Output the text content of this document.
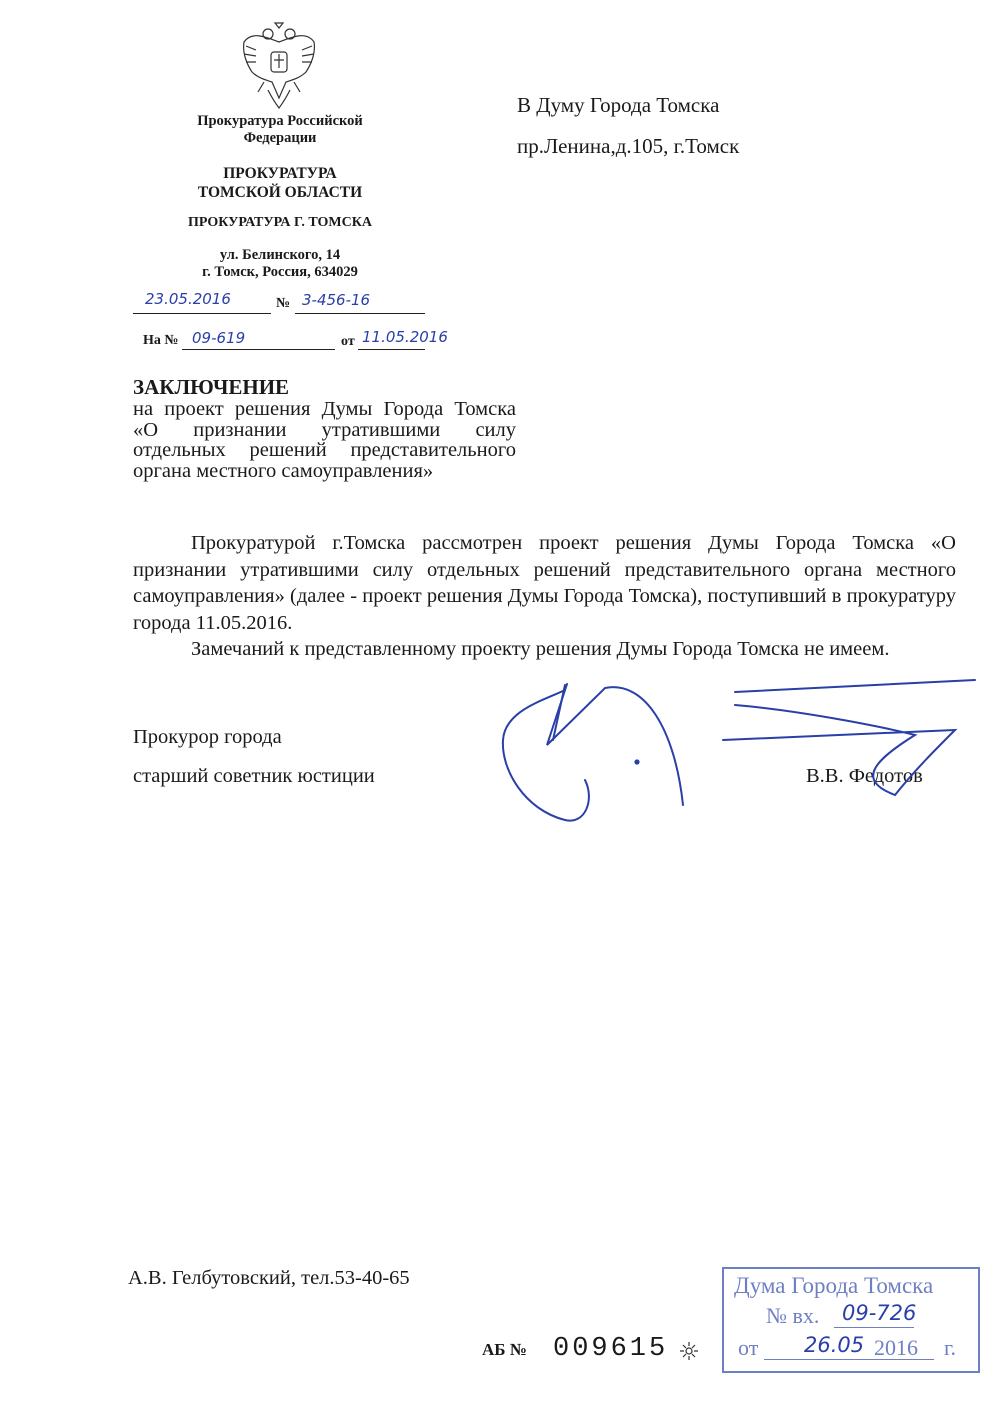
Прокуратура Российской Федерации
ПРОКУРАТУРА
ТОМСКОЙ ОБЛАСТИ
ПРОКУРАТУРА Г. ТОМСКА
ул. Белинского, 14
г. Томск, Россия, 634029
23.05.2016	№ 3-456-16
На № 09-619	от 11.05.2016
В Думу Города Томска
пр.Ленина,д.105, г.Томск
ЗАКЛЮЧЕНИЕ
на проект решения Думы Города Томска «О признании утратившими силу отдельных решений представительного органа местного самоуправления»
Прокуратурой г.Томска рассмотрен проект решения Думы Города Томска «О признании утратившими силу отдельных решений представительного органа местного самоуправления» (далее - проект решения Думы Города Томска), поступивший в прокуратуру города 11.05.2016.
Замечаний к представленному проекту решения Думы Города Томска не имеем.
Прокурор города
старший советник юстиции	В.В. Федотов
А.В. Гелбутовский, тел.53-40-65
АБ № 009615
Дума Города Томска
№ вх. 09-726
от 26.05 2016 г.
